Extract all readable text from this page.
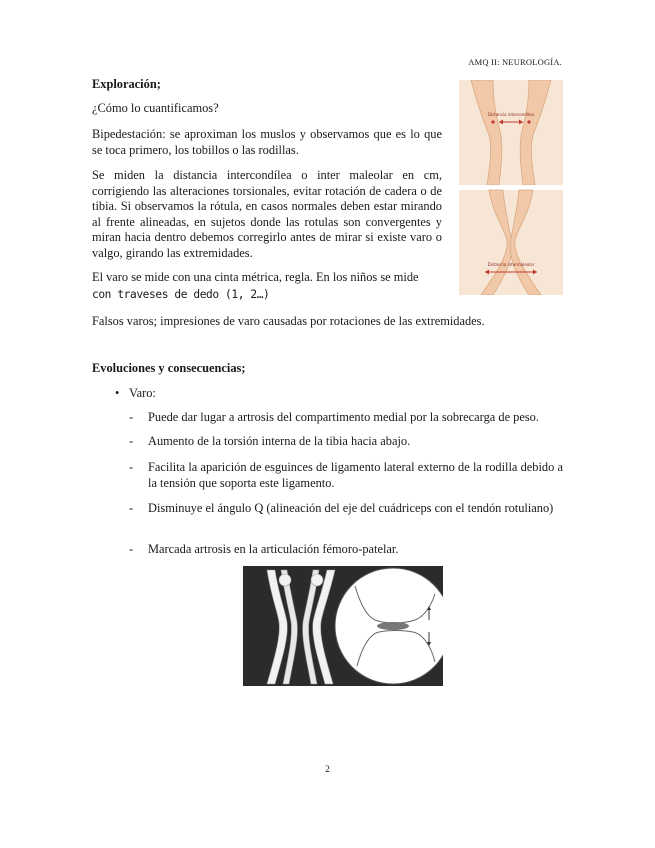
AMQ II: NEUROLOGÍA.

Exploración;

¿Cómo lo cuantificamos?

Bipedestación: se aproximan los muslos y observamos que es lo que se toca primero, los tobillos o las rodillas.

Se miden la distancia intercondílea o inter maleolar en cm, corrigiendo las alteraciones torsionales, evitar rotación de cadera o de tibia. Si observamos la rótula, en casos normales deben estar mirando al frente alineadas, en sujetos donde las rotulas son convergentes y miran hacia dentro debemos corregirlo antes de mirar si existe varo o valgo, girando las extremidades.

El varo se mide con una cinta métrica, regla. En los niños se mide

con traveses de dedo (1, 2…)

Falsos varos; impresiones de varo causadas por rotaciones de las extremidades.

Distancia intercondílea
Distancia intermaleolar

Evoluciones y consecuencias;

• Varo:

- Puede dar lugar a artrosis del compartimento medial por la sobrecarga de peso.

- Aumento de la torsión interna de la tibia hacia abajo.

- Facilita la aparición de esguinces de ligamento lateral externo de la rodilla debido a la tensión que soporta este ligamento.

- Disminuye el ángulo Q (alineación del eje del cuádriceps con el tendón rotuliano)

- Marcada artrosis en la articulación fémoro-patelar.

2
